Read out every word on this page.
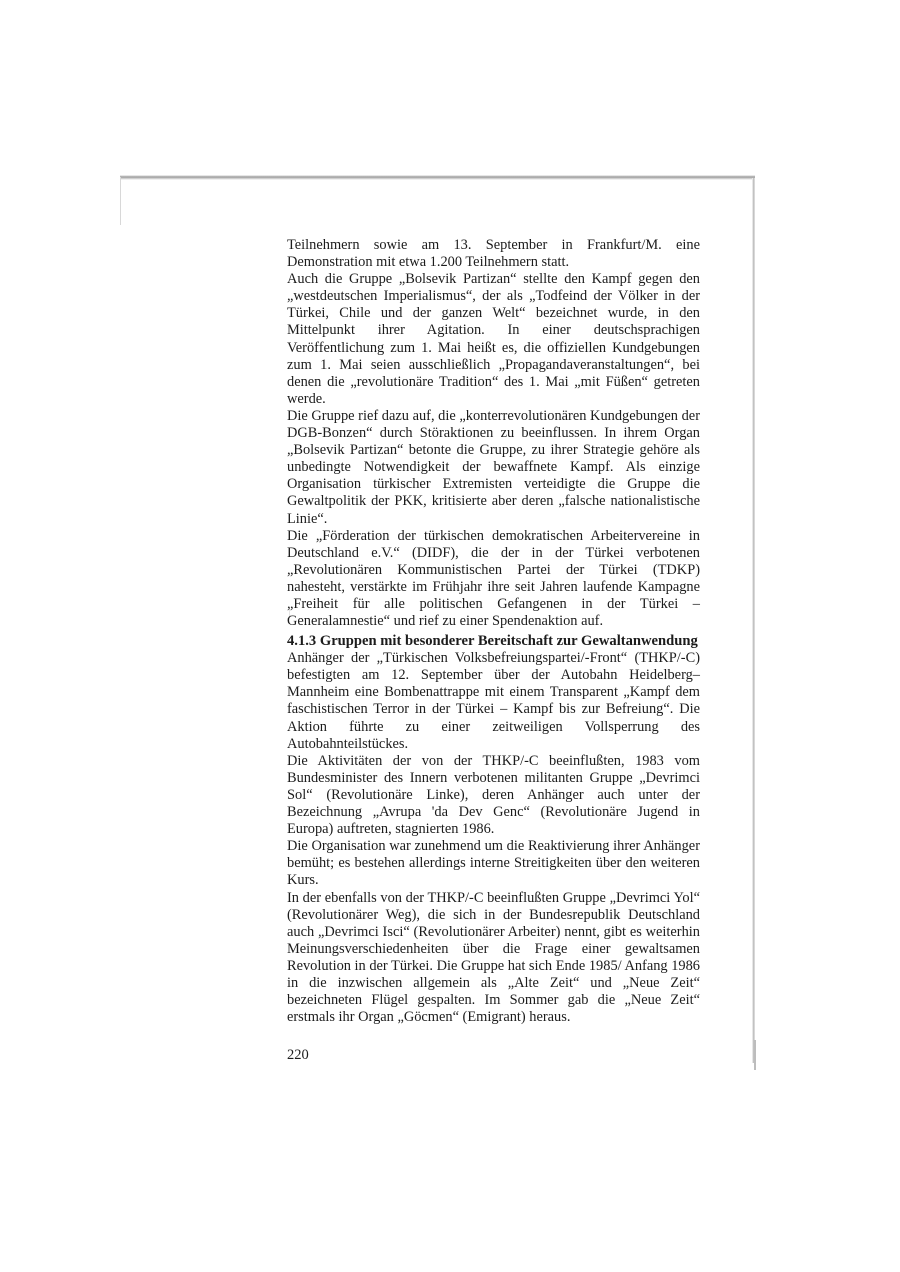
Teilnehmern sowie am 13. September in Frankfurt/M. eine Demonstration mit etwa 1.200 Teilnehmern statt.

Auch die Gruppe „Bolsevik Partizan“ stellte den Kampf gegen den „westdeutschen Imperialismus“, der als „Todfeind der Völker in der Türkei, Chile und der ganzen Welt“ bezeichnet wurde, in den Mittelpunkt ihrer Agitation. In einer deutschsprachigen Veröffentlichung zum 1. Mai heißt es, die offiziellen Kundgebungen zum 1. Mai seien ausschließlich „Propagandaveranstaltungen“, bei denen die „revolutionäre Tradition“ des 1. Mai „mit Füßen“ getreten werde.

Die Gruppe rief dazu auf, die „konterrevolutionären Kundgebungen der DGB-Bonzen“ durch Störaktionen zu beeinflussen. In ihrem Organ „Bolsevik Partizan“ betonte die Gruppe, zu ihrer Strategie gehöre als unbedingte Notwendigkeit der bewaffnete Kampf. Als einzige Organisation türkischer Extremisten verteidigte die Gruppe die Gewaltpolitik der PKK, kritisierte aber deren „falsche nationalistische Linie“.

Die „Förderation der türkischen demokratischen Arbeitervereine in Deutschland e.V.“ (DIDF), die der in der Türkei verbotenen „Revolutionären Kommunistischen Partei der Türkei (TDKP) nahesteht, verstärkte im Frühjahr ihre seit Jahren laufende Kampagne „Freiheit für alle politischen Gefangenen in der Türkei – Generalamnestie“ und rief zu einer Spendenaktion auf.

4.1.3 Gruppen mit besonderer Bereitschaft zur Gewaltanwendung

Anhänger der „Türkischen Volksbefreiungspartei/-Front“ (THKP/-C) befestigten am 12. September über der Autobahn Heidelberg–Mannheim eine Bombenattrappe mit einem Transparent „Kampf dem faschistischen Terror in der Türkei – Kampf bis zur Befreiung“. Die Aktion führte zu einer zeitweiligen Vollsperrung des Autobahnteilstückes.

Die Aktivitäten der von der THKP/-C beeinflußten, 1983 vom Bundesminister des Innern verbotenen militanten Gruppe „Devrimci Sol“ (Revolutionäre Linke), deren Anhänger auch unter der Bezeichnung „Avrupa 'da Dev Genc“ (Revolutionäre Jugend in Europa) auftreten, stagnierten 1986.

Die Organisation war zunehmend um die Reaktivierung ihrer Anhänger bemüht; es bestehen allerdings interne Streitigkeiten über den weiteren Kurs.

In der ebenfalls von der THKP/-C beeinflußten Gruppe „Devrimci Yol“ (Revolutionärer Weg), die sich in der Bundesrepublik Deutschland auch „Devrimci Isci“ (Revolutionärer Arbeiter) nennt, gibt es weiterhin Meinungsverschiedenheiten über die Frage einer gewaltsamen Revolution in der Türkei. Die Gruppe hat sich Ende 1985/ Anfang 1986 in die inzwischen allgemein als „Alte Zeit“ und „Neue Zeit“ bezeichneten Flügel gespalten. Im Sommer gab die „Neue Zeit“ erstmals ihr Organ „Göcmen“ (Emigrant) heraus.

220
